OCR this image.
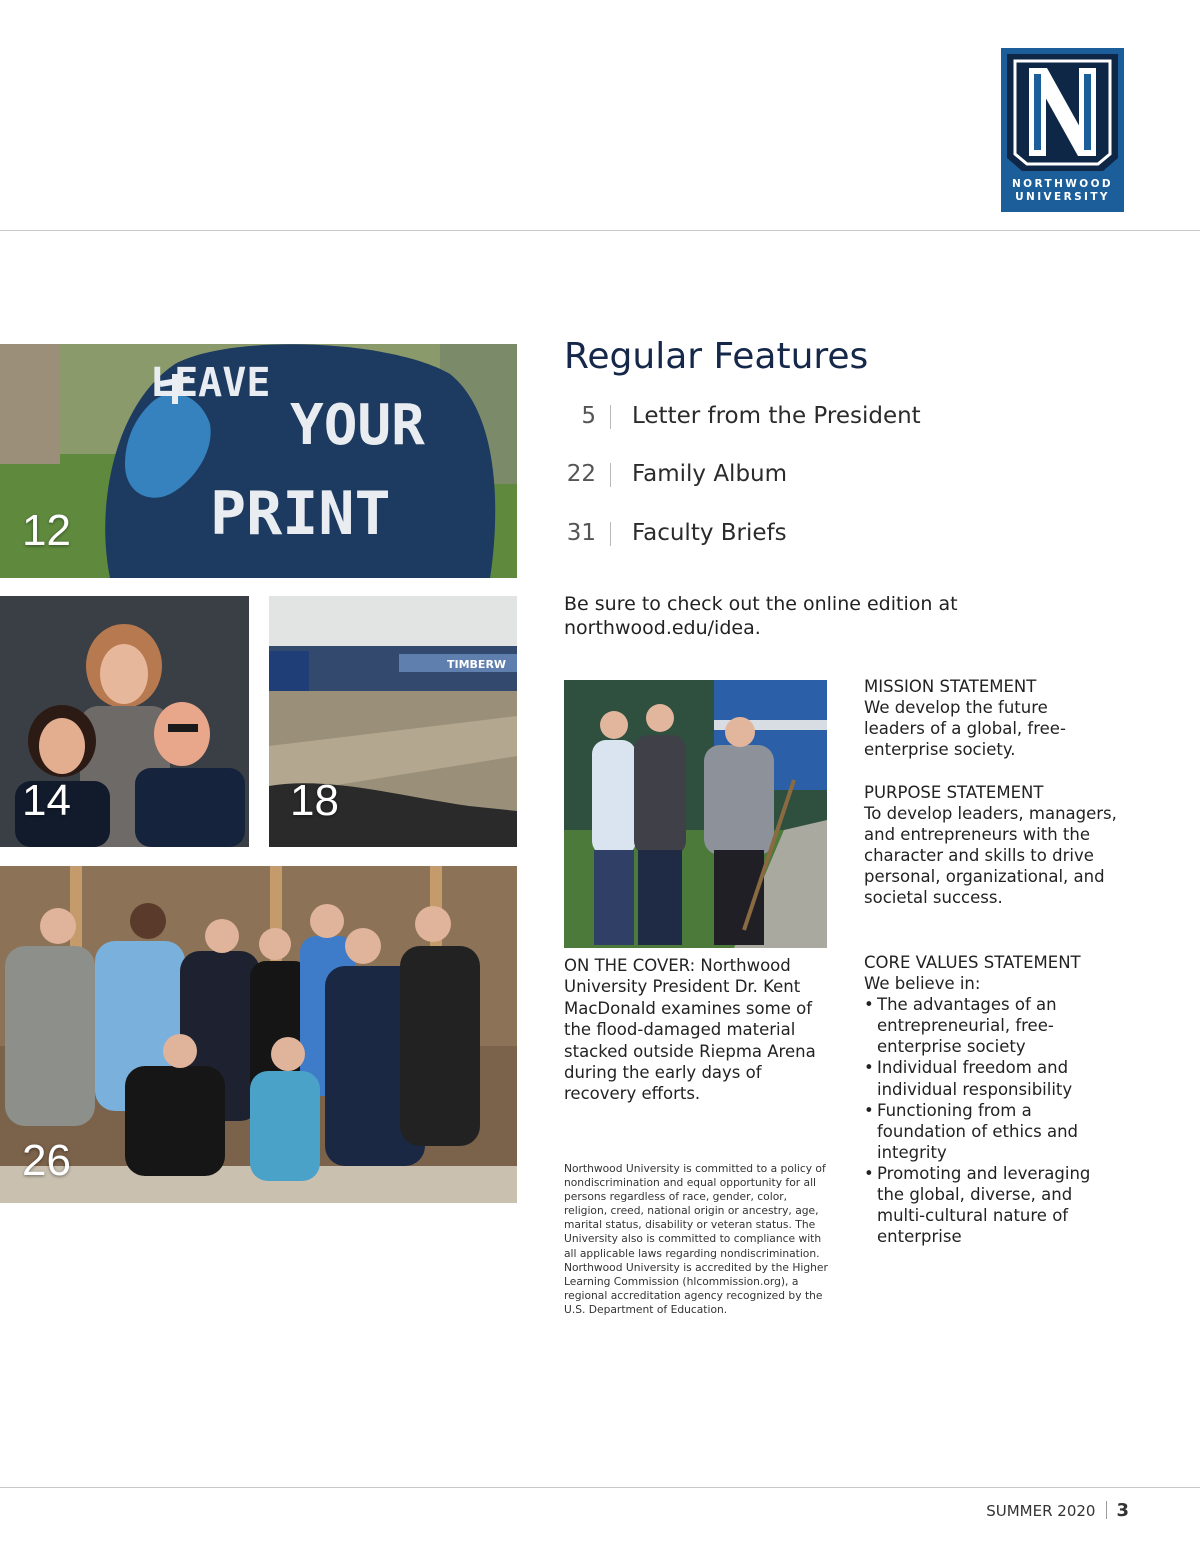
NORTHWOOD
UNIVERSITY
YOUR
PRINT
LEAVE
12
14
TIMBERW
18
26
Regular Features
5 Letter from the President
22 Family Album
31 Faculty Briefs

Be sure to check out the online edition at northwood.edu/idea.

ON THE COVER: Northwood University President Dr. Kent MacDonald examines some of the flood-damaged material stacked outside Riepma Arena during the early days of recovery efforts.

Northwood University is committed to a policy of nondiscrimination and equal opportunity for all persons regardless of race, gender, color, religion, creed, national origin or ancestry, age, marital status, disability or veteran status. The University also is committed to compliance with all applicable laws regarding nondiscrimination. Northwood University is accredited by the Higher Learning Commission (hlcommission.org), a regional accreditation agency recognized by the U.S. Department of Education.

MISSION STATEMENT
We develop the future leaders of a global, free-enterprise society.
PURPOSE STATEMENT
To develop leaders, managers, and entrepreneurs with the character and skills to drive personal, organizational, and societal success.
CORE VALUES STATEMENT
We believe in:
• The advantages of an entrepreneurial, free-enterprise society
• Individual freedom and individual responsibility
• Functioning from a foundation of ethics and integrity
• Promoting and leveraging the global, diverse, and multi-cultural nature of enterprise
SUMMER 2020 3
